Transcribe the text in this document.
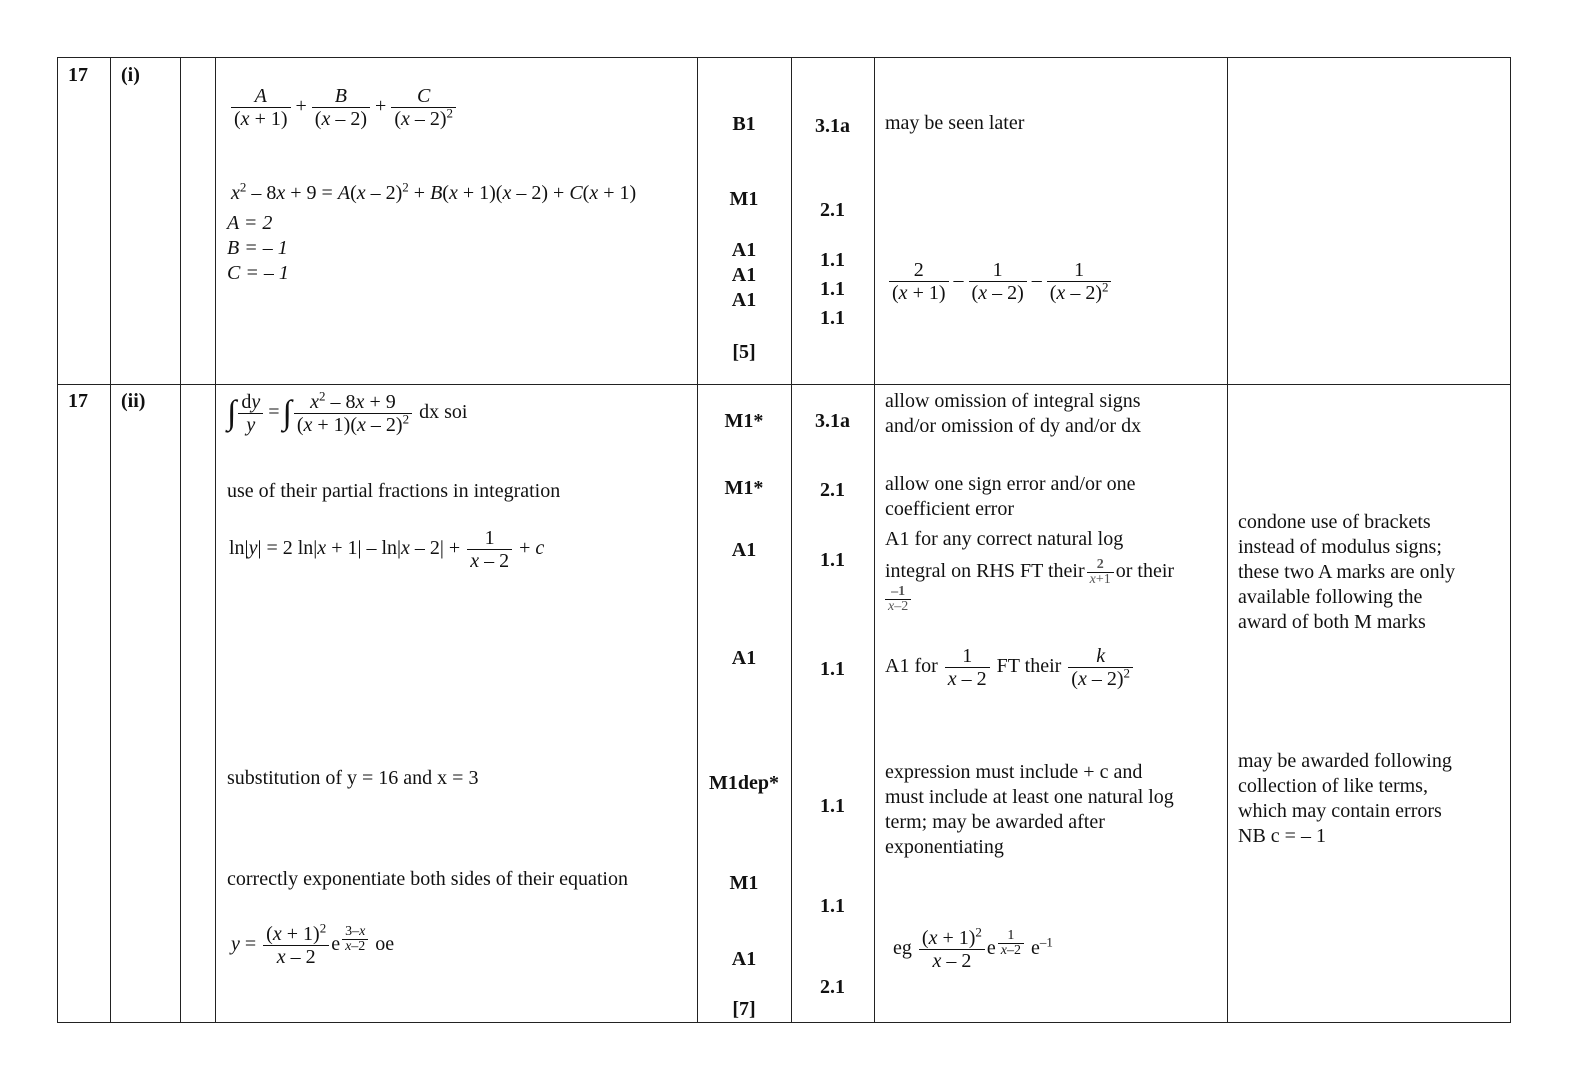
17 (i)
$\frac{A}{(x + 1)} + \frac{B}{(x - 2)} + \frac{C}{(x - 2)^2}$
$x^2 - 8x + 9 = A(x - 2)^2 + B(x + 1)(x - 2) + C(x + 1)$
A = 2
B = – 1
C = – 1
B1
M1
A1
A1
A1
[5]
3.1a
2.1
1.1
1.1
1.1
may be seen later
$\frac{2}{(x + 1)} - \frac{1}{(x - 2)} - \frac{1}{(x - 2)^2}$
17 (ii) ∫ $\frac{dy}{y}$ =∫ $\frac{x^2 - 8x + 9}{(x + 1)(x - 2)^2}$ dx soi
use of their partial fractions in integration
ln|y| = 2 $\ln|x + 1| - \ln|x - 2| + \frac{1}{x - 2} + c$
substitution of y = 16 and x = 3
correctly exponentiate both sides of their equation
$y = \frac{(x + 1)^2}{x - 2}$ e $^{\frac{3-x}{x-2}}$ oe
M1*
M1*
A1
A1
M1dep*
M1
A1
[7]
3.1a
2.1
1.1
1.1
1.1
1.1
2.1
allow omission of integral signs
and/or omission of dy and/or dx
allow one sign error and/or one
coefficient error
A1 for any correct natural log
integral on RHS FT their $\frac{2}{x+1}$ or their
$\frac{-1}{x-2}$
A1 for $\frac{1}{x - 2}$ FT their $\frac{k}{(x - 2)^2}$
expression must include + c and
must include at least one natural log
term; may be awarded after
exponentiating
eg $\frac{(x + 1)^2}{x - 2}$ e $^{\frac{1}{x-2}}$ $e^{-1}$
condone use of brackets
instead of modulus signs;
these two A marks are only
available following the
award of both M marks
may be awarded following
collection of like terms,
which may contain errors
NB c = – 1
